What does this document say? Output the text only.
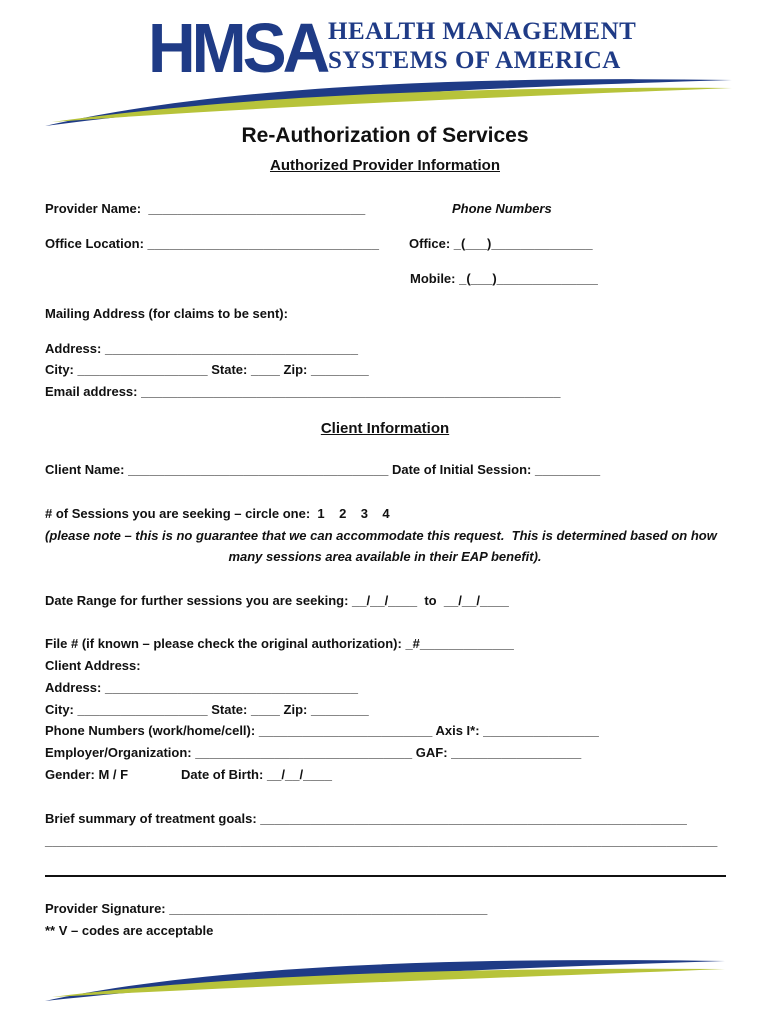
HMSA

HEALTH MANAGEMENT

SYSTEMS OF AMERICA

Re-Authorization of Services
Authorized Provider Information
Provider Name:  ______________________________	Phone Numbers
Office Location: ________________________________ Office: _(___)______________
Mobile: _(___)______________
Mailing Address (for claims to be sent):
Address: ___________________________________
City: __________________ State: ____ Zip: ________
Email address: __________________________________________________________
Client Information
Client Name: ____________________________________ Date of Initial Session: _________
# of Sessions you are seeking – circle one:  1    2    3    4
(please note – this is no guarantee that we can accommodate this request.  This is determined based on how
many sessions area available in their EAP benefit).
Date Range for further sessions you are seeking: __/__/____  to  __/__/____
File # (if known – please check the original authorization): _#_____________
Client Address:
Address: ___________________________________
City: __________________ State: ____ Zip: ________
Phone Numbers (work/home/cell): ________________________ Axis I*: ________________
Employer/Organization: ______________________________ GAF: __________________
Gender: M / F	Date of Birth: __/__/____
Brief summary of treatment goals: ___________________________________________________________
_____________________________________________________________________________________________
Provider Signature: ____________________________________________
** V – codes are acceptable
